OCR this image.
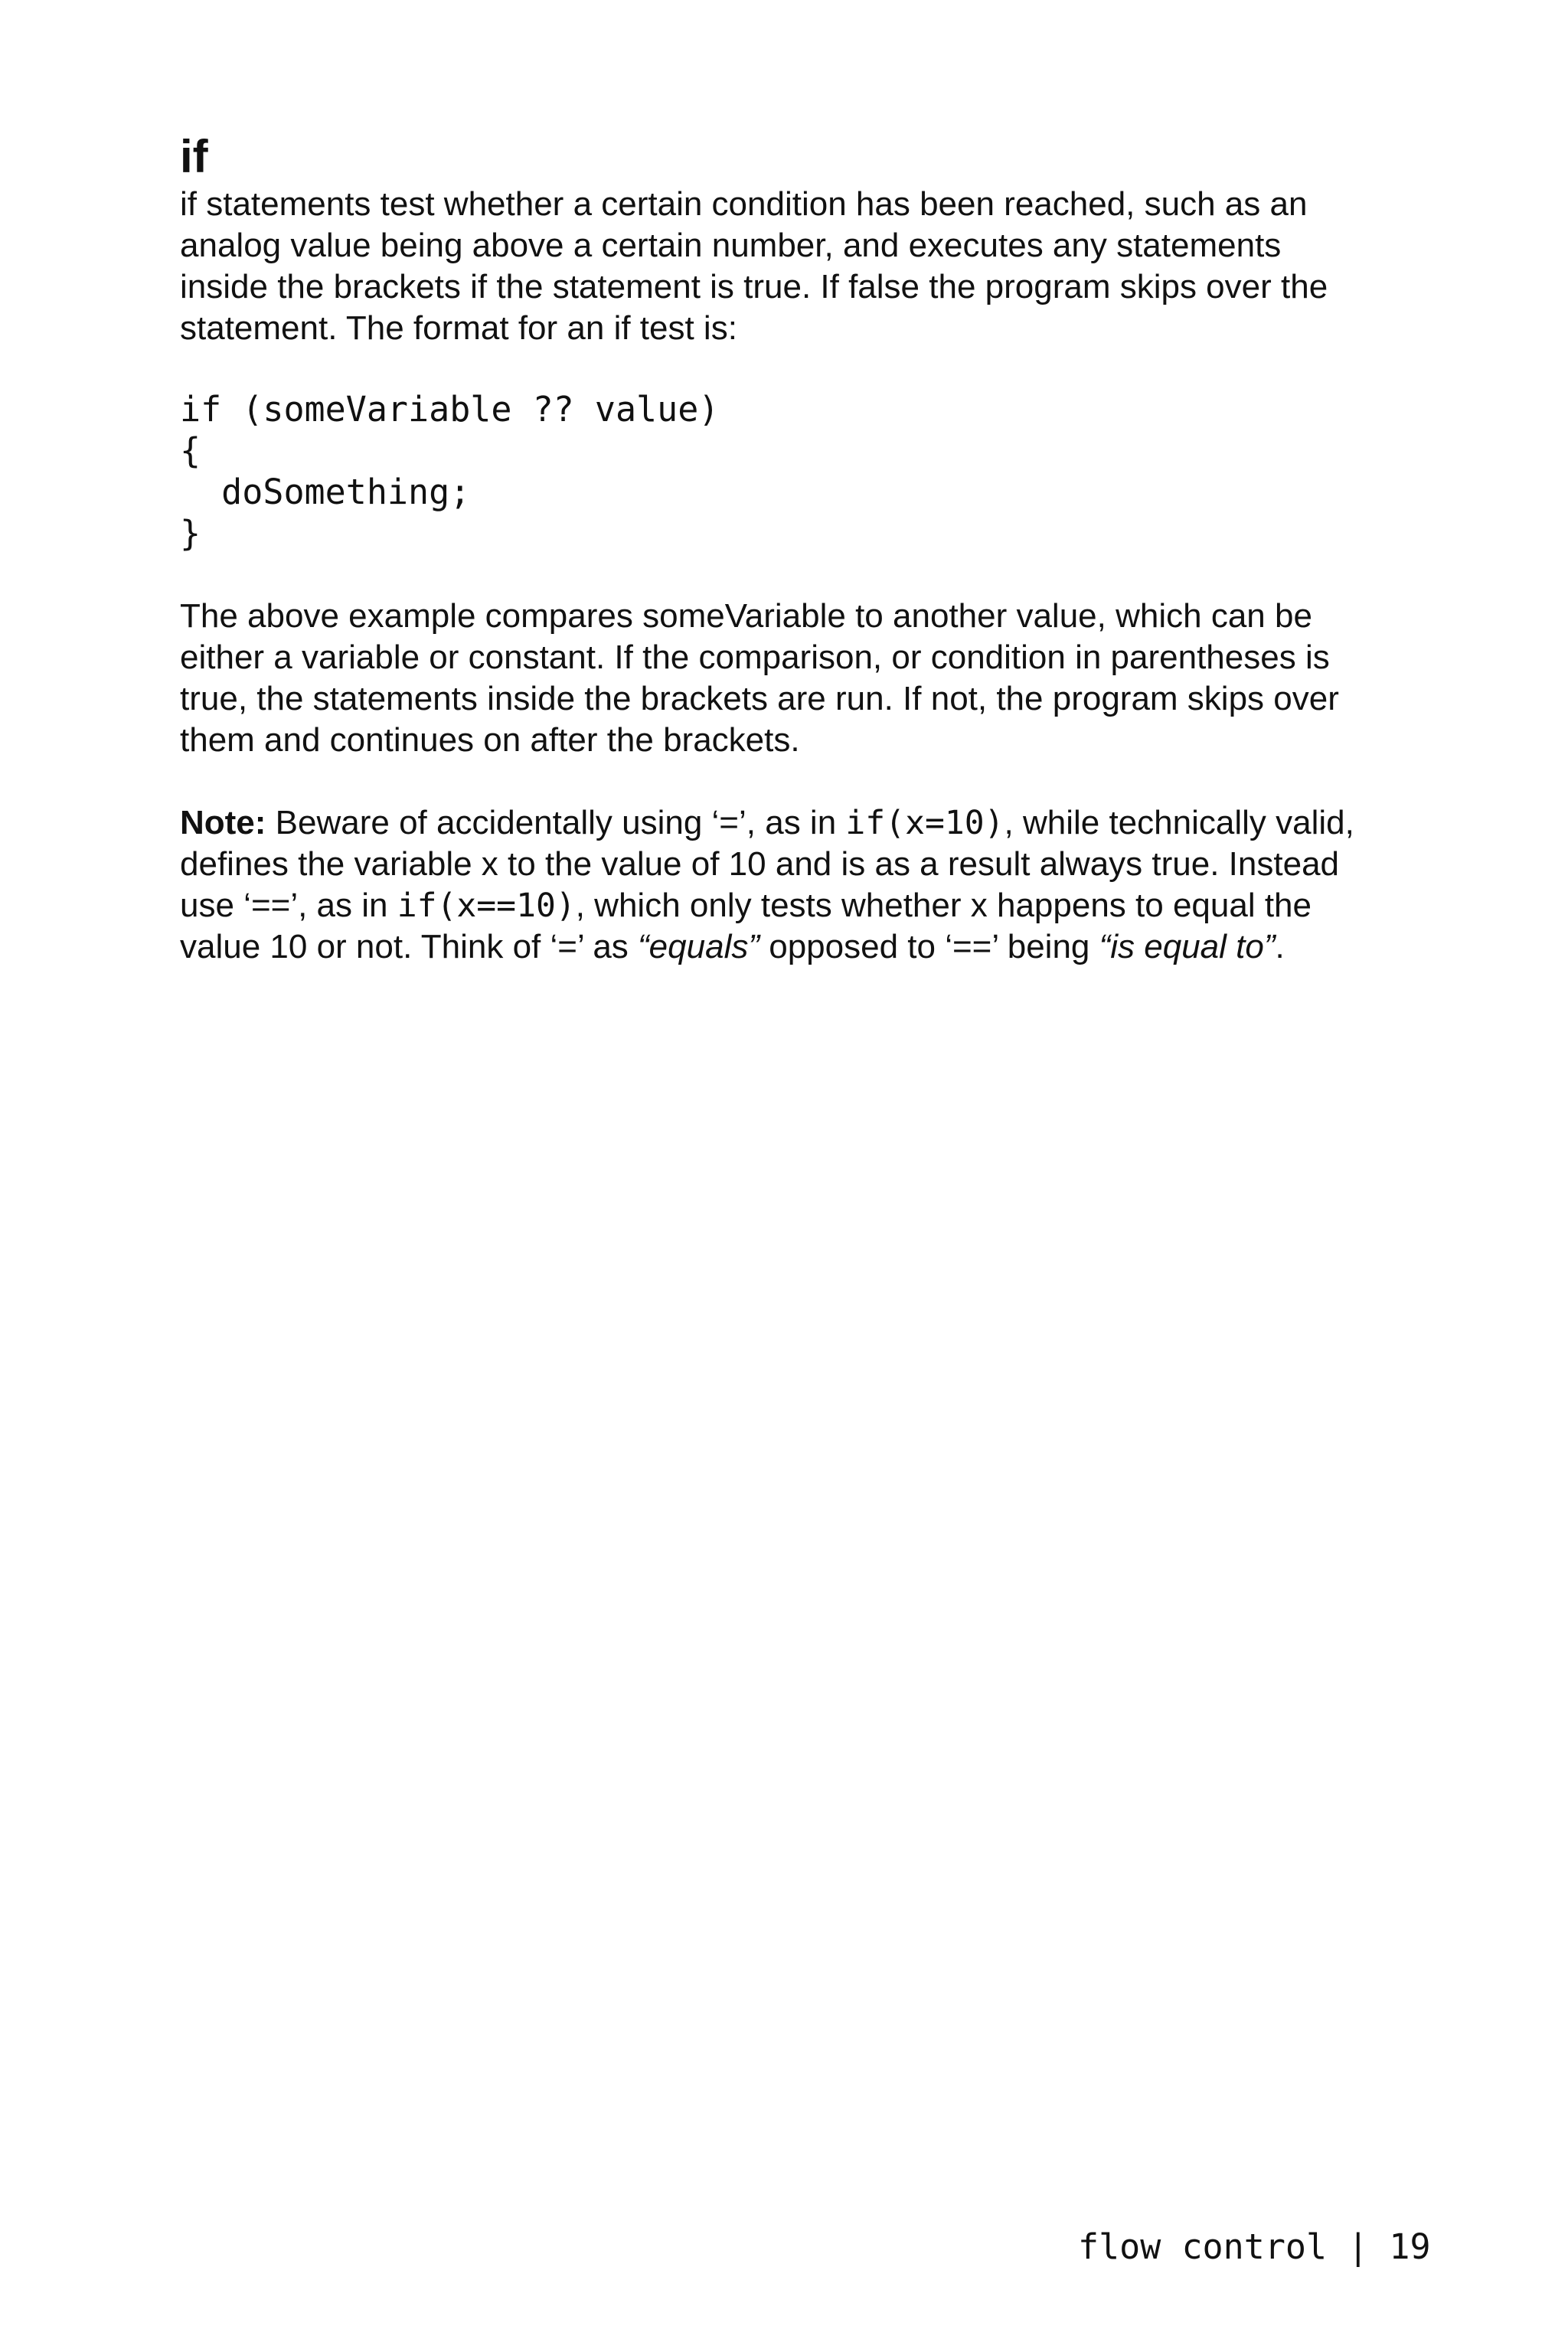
if
if statements test whether a certain condition has been reached, such as an
analog value being above a certain number, and executes any statements
inside the brackets if the statement is true. If false the program skips over the
statement. The format for an if test is:
if (someVariable ?? value)
{
doSomething;
}
The above example compares someVariable to another value, which can be
either a variable or constant. If the comparison, or condition in parentheses is
true, the statements inside the brackets are run. If not, the program skips over
them and continues on after the brackets.
Note: Beware of accidentally using ‘=’, as in if(x=10), while technically valid,
defines the variable x to the value of 10 and is as a result always true. Instead
use ‘==’, as in if(x==10), which only tests whether x happens to equal the
value 10 or not. Think of ‘=’ as “equals” opposed to ‘==’ being “is equal to”.
flow control | 19
